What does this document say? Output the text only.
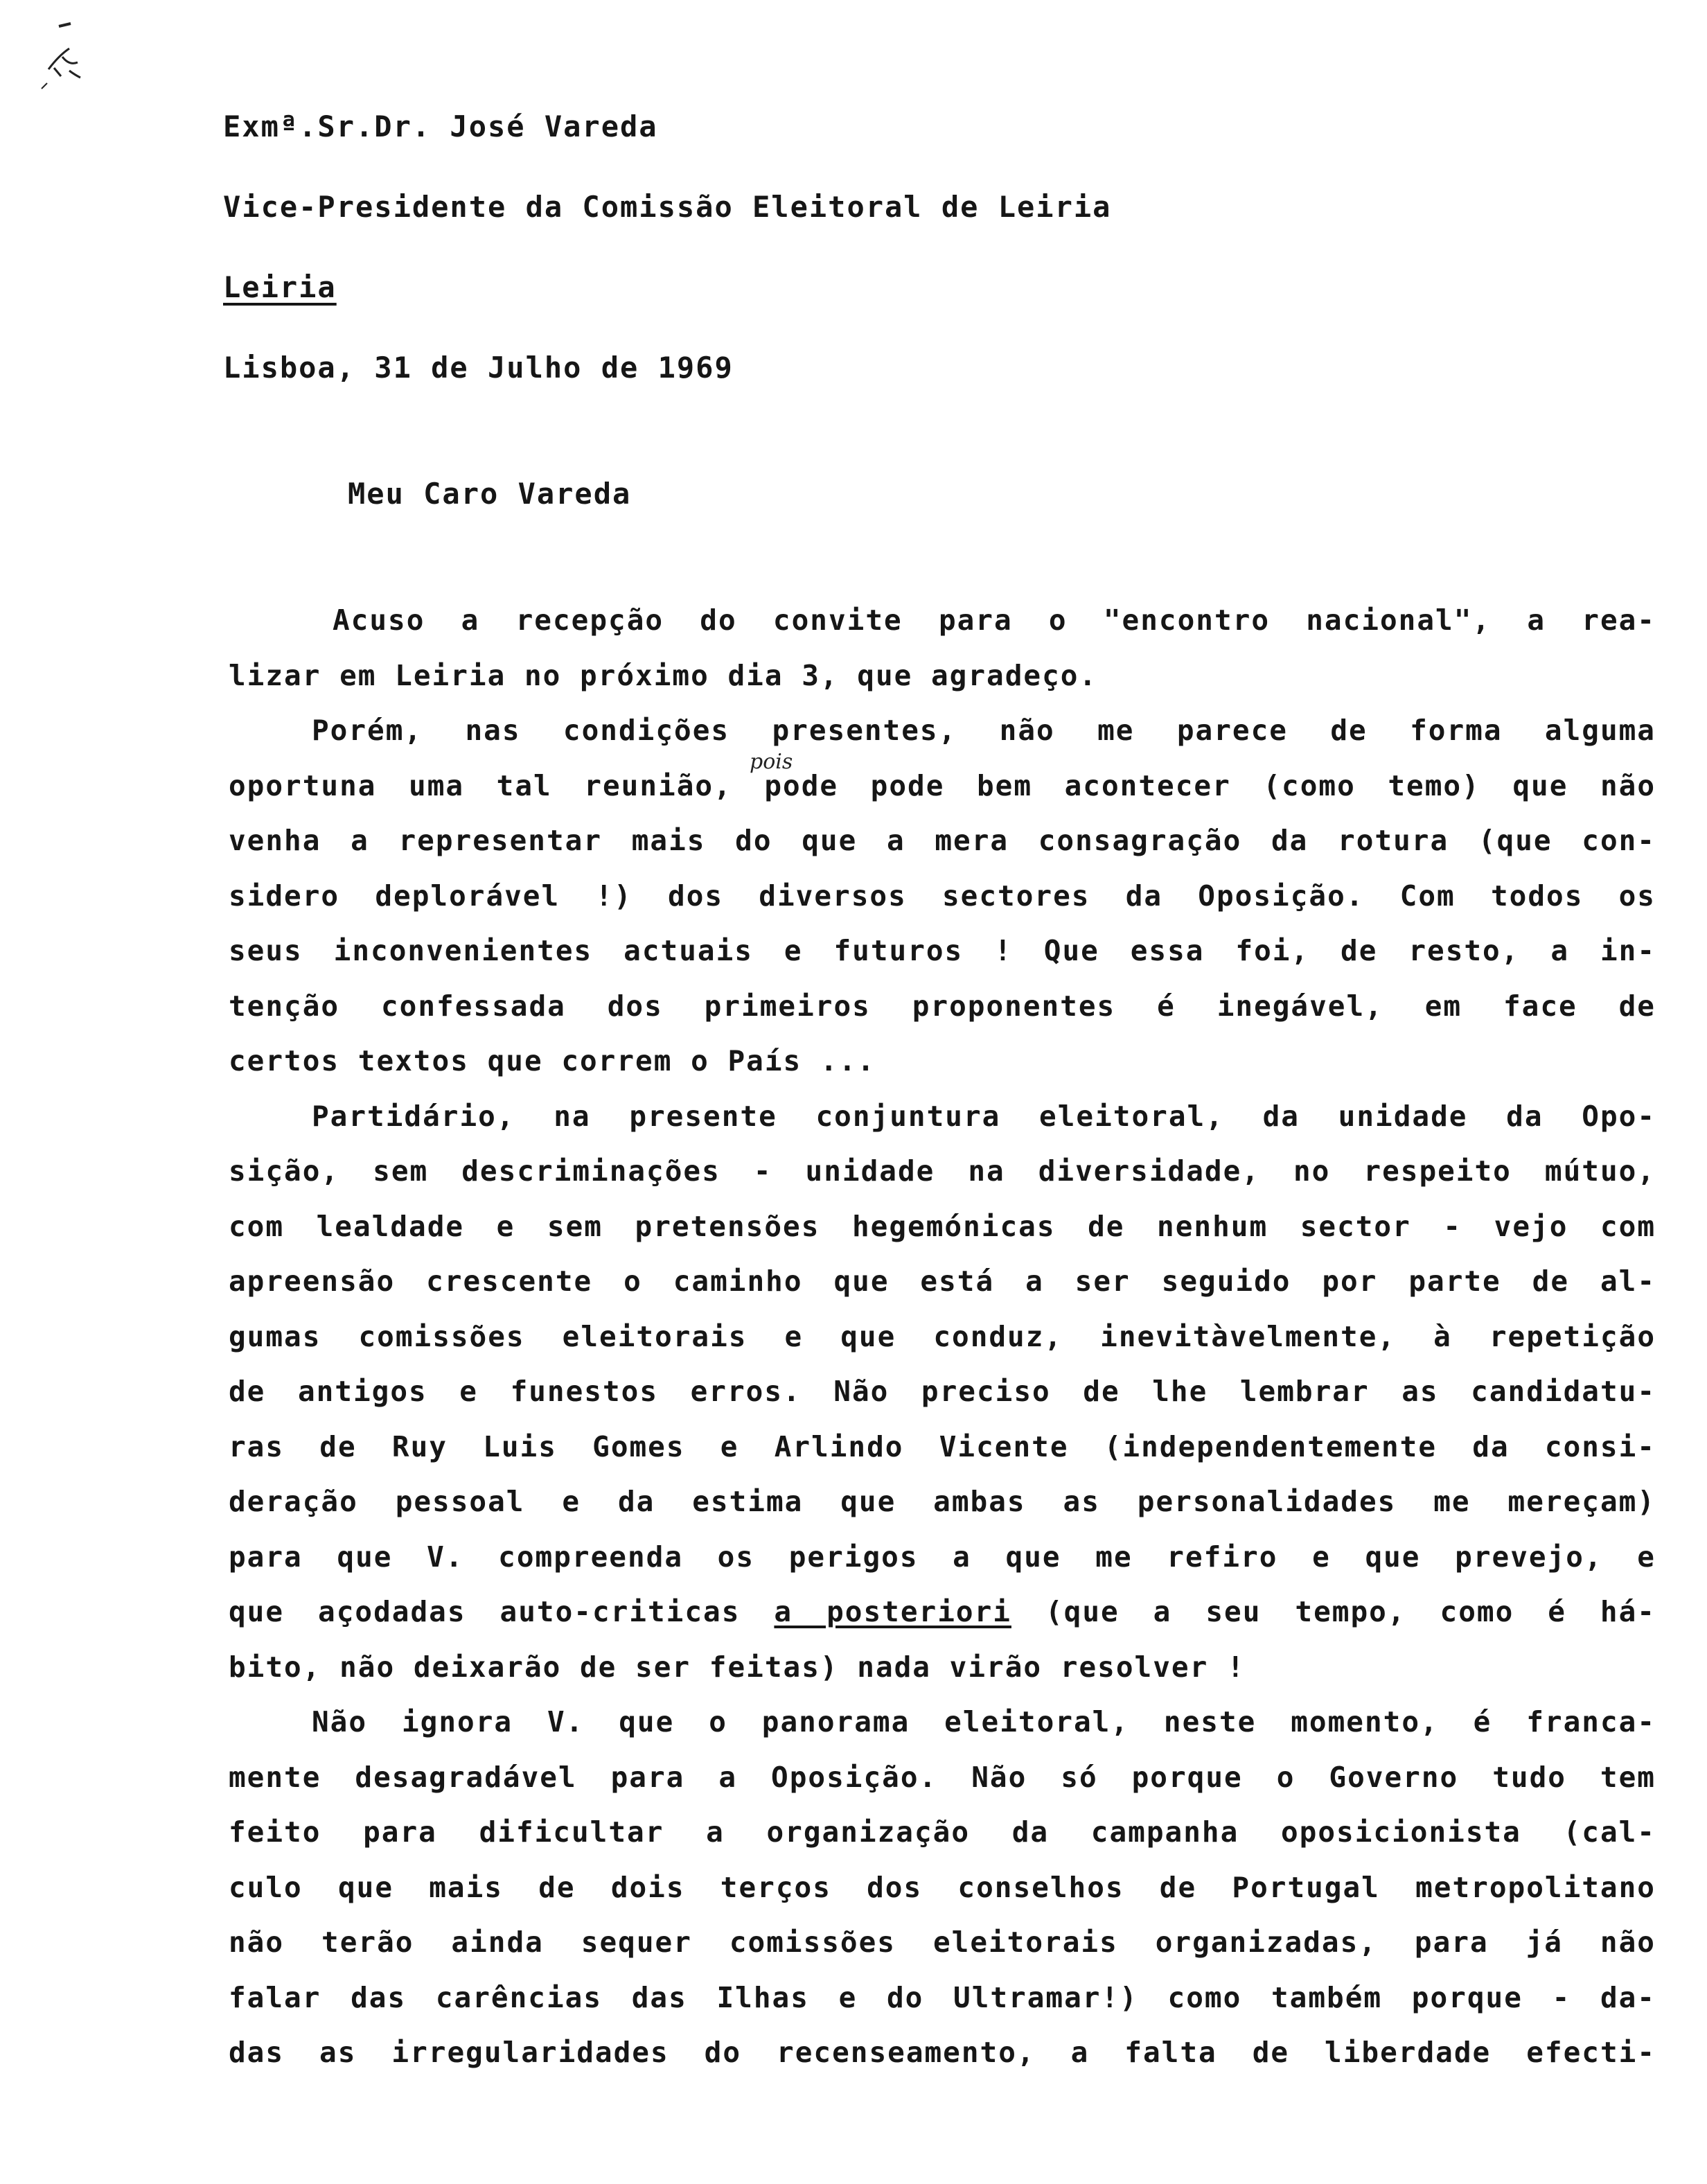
Exmª.Sr.Dr. José Vareda
Vice-Presidente da Comissão Eleitoral de Leiria
Leiria
Lisboa, 31 de Julho de 1969
Meu Caro Vareda
pois
Acuso a recepção do convite para o "encontro nacional", a rea-
lizar em Leiria no próximo dia 3, que agradeço.
Porém, nas condições presentes, não me parece de forma alguma
oportuna uma tal reunião, pode pode bem acontecer (como temo) que não
venha a representar mais do que a mera consagração da rotura (que con-
sidero deplorável !) dos diversos sectores da Oposição. Com todos os
seus inconvenientes actuais e futuros ! Que essa foi, de resto, a in-
tenção confessada dos primeiros proponentes é inegável, em face de
certos textos que correm o País ...
Partidário, na presente conjuntura eleitoral, da unidade da Opo-
sição, sem descriminações - unidade na diversidade, no respeito mútuo,
com lealdade e sem pretensões hegemónicas de nenhum sector - vejo com
apreensão crescente o caminho que está a ser seguido por parte de al-
gumas comissões eleitorais e que conduz, inevitàvelmente, à repetição
de antigos e funestos erros. Não preciso de lhe lembrar as candidatu-
ras de Ruy Luis Gomes e Arlindo Vicente (independentemente da consi-
deração pessoal e da estima que ambas as personalidades me mereçam)
para que V. compreenda os perigos a que me refiro e que prevejo, e
que açodadas auto-criticas a posteriori (que a seu tempo, como é há-
bito, não deixarão de ser feitas) nada virão resolver !
Não ignora V. que o panorama eleitoral, neste momento, é franca-
mente desagradável para a Oposição. Não só porque o Governo tudo tem
feito para dificultar a organização da campanha oposicionista (cal-
culo que mais de dois terços dos conselhos de Portugal metropolitano
não terão ainda sequer comissões eleitorais organizadas, para já não
falar das carências das Ilhas e do Ultramar!) como também porque - da-
das as irregularidades do recenseamento, a falta de liberdade efecti-
